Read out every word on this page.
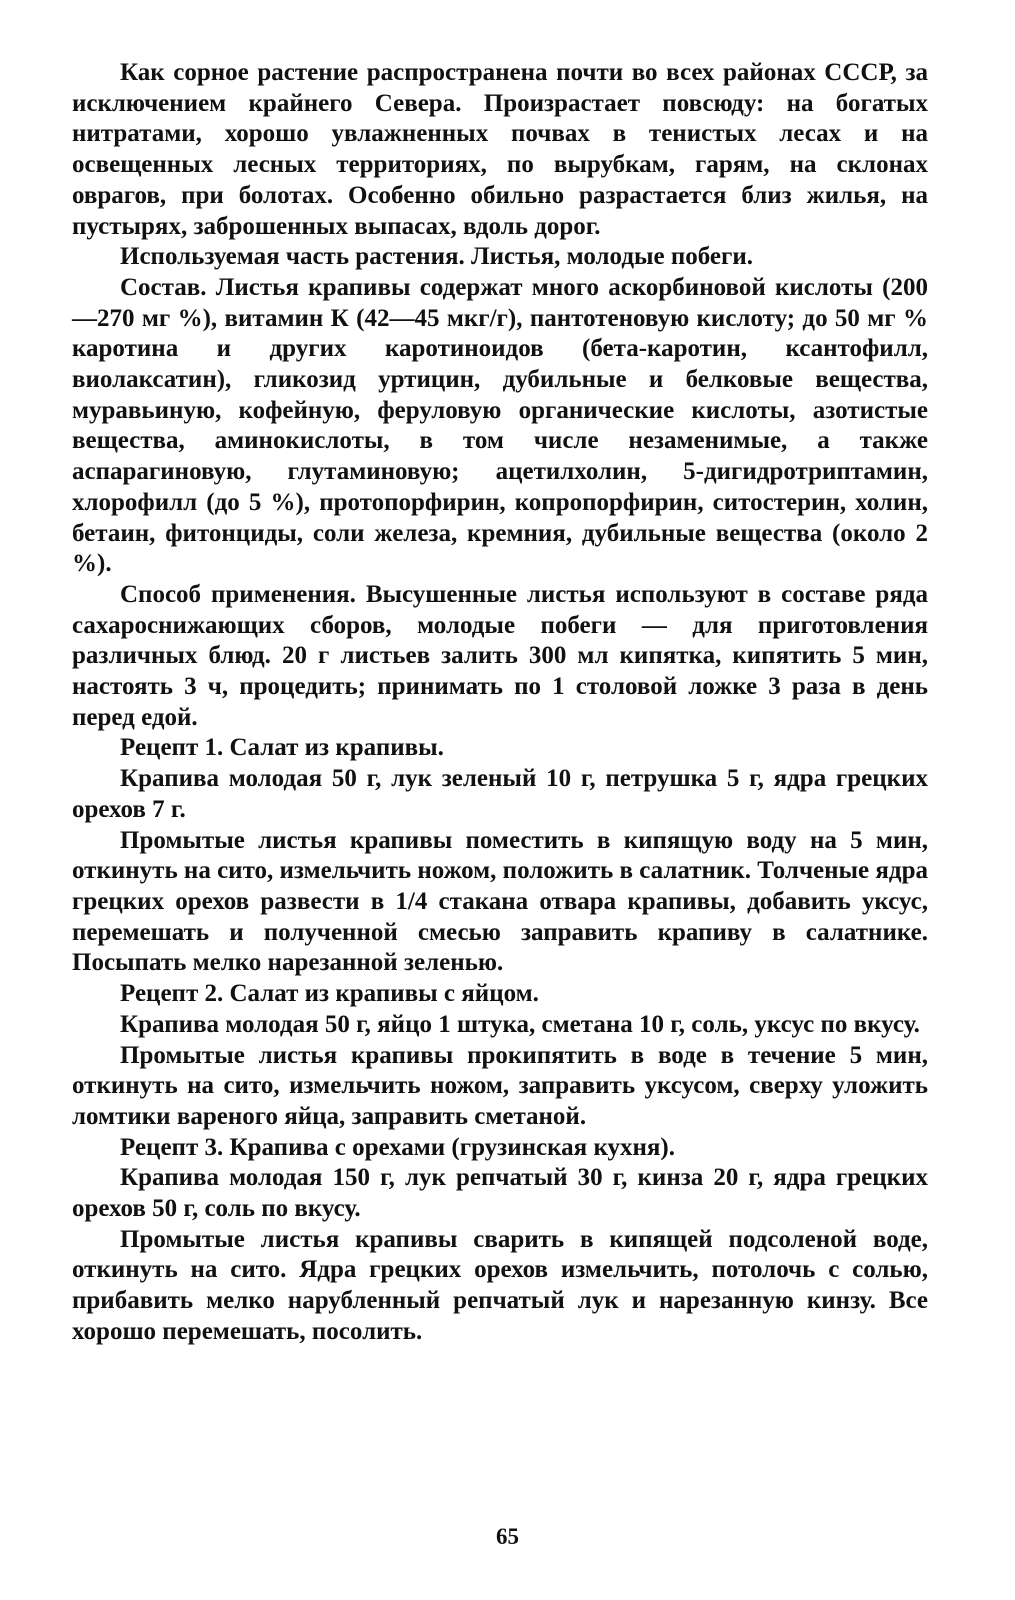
Как сорное растение распространена почти во всех районах СССР, за исключением крайнего Севера. Произрастает повсюду: на богатых нитратами, хорошо увлажненных почвах в тенистых лесах и на освещенных лесных территориях, по вырубкам, гарям, на склонах оврагов, при болотах. Особенно обильно разрастается близ жилья, на пустырях, заброшенных выпасах, вдоль дорог.

Используемая часть растения. Листья, молодые побеги.

Состав. Листья крапивы содержат много аскорбиновой кислоты (200—270 мг %), витамин К (42—45 мкг/г), пантотеновую кислоту; до 50 мг % каротина и других каротиноидов (бета-каротин, ксантофилл, виолаксатин), гликозид уртицин, дубильные и белковые вещества, муравьиную, кофейную, феруловую органические кислоты, азотистые вещества, аминокислоты, в том числе незаменимые, а также аспарагиновую, глутаминовую; ацетилхолин, 5-дигидротриптамин, хлорофилл (до 5 %), протопорфирин, копропорфирин, ситостерин, холин, бетаин, фитонциды, соли железа, кремния, дубильные вещества (около 2 %).

Способ применения. Высушенные листья используют в составе ряда сахароснижающих сборов, молодые побеги — для приготовления различных блюд. 20 г листьев залить 300 мл кипятка, кипятить 5 мин, настоять 3 ч, процедить; принимать по 1 столовой ложке 3 раза в день перед едой.

Рецепт 1. Салат из крапивы.

Крапива молодая 50 г, лук зеленый 10 г, петрушка 5 г, ядра грецких орехов 7 г.

Промытые листья крапивы поместить в кипящую воду на 5 мин, откинуть на сито, измельчить ножом, положить в салатник. Толченые ядра грецких орехов развести в 1/4 стакана отвара крапивы, добавить уксус, перемешать и полученной смесью заправить крапиву в салатнике. Посыпать мелко нарезанной зеленью.

Рецепт 2. Салат из крапивы с яйцом.

Крапива молодая 50 г, яйцо 1 штука, сметана 10 г, соль, уксус по вкусу.

Промытые листья крапивы прокипятить в воде в течение 5 мин, откинуть на сито, измельчить ножом, заправить уксусом, сверху уложить ломтики вареного яйца, заправить сметаной.

Рецепт 3. Крапива с орехами (грузинская кухня).

Крапива молодая 150 г, лук репчатый 30 г, кинза 20 г, ядра грецких орехов 50 г, соль по вкусу.

Промытые листья крапивы сварить в кипящей подсоленой воде, откинуть на сито. Ядра грецких орехов измельчить, потолочь с солью, прибавить мелко нарубленный репчатый лук и нарезанную кинзу. Все хорошо перемешать, посолить.

65
